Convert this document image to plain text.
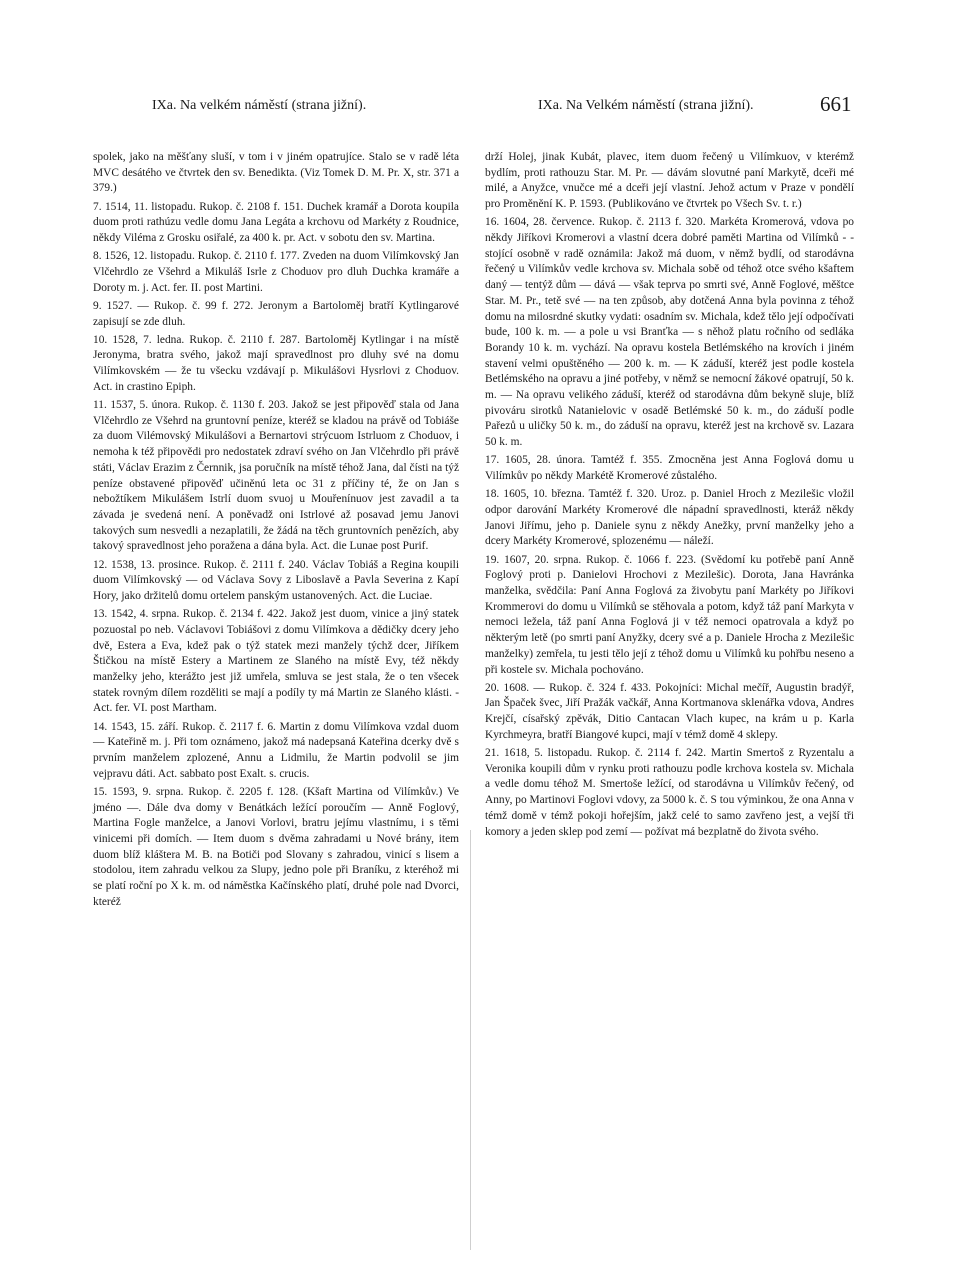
IXa. Na velkém náměstí (strana jižní).	IXa. Na Velkém náměstí (strana jižní).	661

spolek, jako na měšťany sluší, v tom i v jiném opatrujíce. Stalo se v radě léta MVC desátého ve čtvrtek den sv. Benedikta. (Viz Tomek D. M. Pr. X, str. 371 a 379.)

7. 1514, 11. listopadu. Rukop. č. 2108 f. 151. Duchek kramář a Dorota koupila duom proti rathúzu vedle domu Jana Legáta a krchovu od Markéty z Roudnice, někdy Viléma z Grosku osiřalé, za 400 k. pr. Act. v sobotu den sv. Martina.

8. 1526, 12. listopadu. Rukop. č. 2110 f. 177. Zveden na duom Vilímkovský Jan Vlčehrdlo ze Všehrd a Mikuláš Isrle z Choduov pro dluh Duchka kramáře a Doroty m. j. Act. fer. II. post Martini.

9. 1527. — Rukop. č. 99 f. 272. Jeronym a Bartoloměj bratří Kytlingarové zapisují se zde dluh.

10. 1528, 7. ledna. Rukop. č. 2110 f. 287. Bartoloměj Kytlingar i na místě Jeronyma, bratra svého, jakož mají spravedlnost pro dluhy své na domu Vilímkovském — že tu všecku vzdávají p. Mikulášovi Hysrlovi z Choduov. Act. in crastino Epiph.

11. 1537, 5. února. Rukop. č. 1130 f. 203. Jakož se jest připověď stala od Jana Vlčehrdlo ze Všehrd na gruntovní peníze, kteréž se kladou na právě od Tobiáše za duom Vilémovský Mikulášovi a Bernartovi strýcuom Istrluom z Choduov, i nemoha k též připovědi pro nedostatek zdraví svého on Jan Vlčehrdlo při právě státi, Václav Erazim z Černnik, jsa poručník na místě téhož Jana, dal čísti na týž peníze obstavené připověď učiněnú leta oc 31 z příčiny té, že on Jan s nebožtíkem Mikulášem Istrlí duom svuoj u Mouřenínuov jest zavadil a ta závada je svedená není. A poněvadž oni Istrlové až posavad jemu Janovi takových sum nesvedli a nezaplatili, že žádá na těch gruntovních penězích, aby takový spravedlnost jeho poražena a dána byla. Act. die Lunae post Purif.

12. 1538, 13. prosince. Rukop. č. 2111 f. 240. Václav Tobiáš a Regina koupili duom Vilímkovský — od Václava Sovy z Liboslavě a Pavla Severina z Kapí Hory, jako držitelů domu ortelem panským ustanovených. Act. die Luciae.

13. 1542, 4. srpna. Rukop. č. 2134 f. 422. Jakož jest duom, vinice a jiný statek pozuostal po neb. Václavovi Tobiášovi z domu Vilímkova a dědičky dcery jeho dvě, Estera a Eva, kdež pak o týž statek mezi manžely týchž dcer, Jiříkem Štičkou na místě Estery a Martinem ze Slaného na místě Evy, též někdy manželky jeho, kterážto jest již umřela, smluva se jest stala, že o ten všecek statek rovným dílem rozděliti se mají a podíly ty má Martin ze Slaného klásti. - Act. fer. VI. post Martham.

14. 1543, 15. září. Rukop. č. 2117 f. 6. Martin z domu Vilímkova vzdal duom — Kateřině m. j. Při tom oznámeno, jakož má nadepsaná Kateřina dcerky dvě s prvním manželem zplozené, Annu a Lidmilu, že Martin podvolil se jim vejpravu dáti. Act. sabbato post Exalt. s. crucis.

15. 1593, 9. srpna. Rukop. č. 2205 f. 128. (Kšaft Martina od Vilímkův.) Ve jméno —. Dále dva domy v Benátkách ležící poroučím — Anně Foglový, Martina Fogle manželce, a Janovi Vorlovi, bratru jejímu vlastnímu, i s těmi vinicemi při domích. — Item duom s dvěma zahradami u Nové brány, item duom blíž kláštera M. B. na Botiči pod Slovany s zahradou, vinicí s lisem a stodolou, item zahradu velkou za Slupy, jedno pole při Braníku, z kteréhož mi se platí roční po X k. m. od náměstka Kačínského platí, druhé pole nad Dvorci, kteréž

drží Holej, jinak Kubát, plavec, item duom řečený u Vilímkuov, v kterémž bydlím, proti rathouzu Star. M. Pr. — dávám slovutné paní Markytě, dceři mé milé, a Anyžce, vnučce mé a dceři její vlastní. Jehož actum v Praze v pondělí pro Proměnění K. P. 1593. (Publikováno ve čtvrtek po Všech Sv. t. r.)

16. 1604, 28. července. Rukop. č. 2113 f. 320. Markéta Kromerová, vdova po někdy Jiříkovi Kromerovi a vlastní dcera dobré paměti Martina od Vilímků - - stojící osobně v radě oznámila: Jakož má duom, v němž bydlí, od starodávna řečený u Vilímkův vedle krchova sv. Michala sobě od téhož otce svého kšaftem daný — tentýž dům — dává — však teprva po smrti své, Anně Foglové, měštce Star. M. Pr., tetě své — na ten způsob, aby dotčená Anna byla povinna z téhož domu na milosrdné skutky vydati: osadním sv. Michala, kdež tělo její odpočívati bude, 100 k. m. — a pole u vsi Branťka — s něhož platu ročního od sedláka Borandy 10 k. m. vychází. Na opravu kostela Betlémského na krovích i jiném stavení velmi opuštěného — 200 k. m. — K záduší, kteréž jest podle kostela Betlémského na opravu a jiné potřeby, v němž se nemocní žákové opatrují, 50 k. m. — Na opravu velikého záduší, kteréž od starodávna dům bekyně sluje, blíž pivováru sirotků Natanielovic v osadě Betlémské 50 k. m., do záduší podle Pařezů u uličky 50 k. m., do záduší na opravu, kteréž jest na krchově sv. Lazara 50 k. m.

17. 1605, 28. února. Tamtéž f. 355. Zmocněna jest Anna Foglová domu u Vilímkův po někdy Markétě Kromerové zůstalého.

18. 1605, 10. března. Tamtéž f. 320. Uroz. p. Daniel Hroch z Mezilešic vložil odpor darování Markéty Kromerové dle nápadní spravedlnosti, kteráž někdy Janovi Jiřímu, jeho p. Daniele synu z někdy Anežky, první manželky jeho a dcery Markéty Kromerové, splozenému — náleží.

19. 1607, 20. srpna. Rukop. č. 1066 f. 223. (Svědomí ku potřebě paní Anně Foglový proti p. Danielovi Hrochovi z Mezilešic). Dorota, Jana Havránka manželka, svědčila: Paní Anna Foglová za živobytu paní Markéty po Jiříkovi Krommerovi do domu u Vilímků se stěhovala a potom, když táž paní Markyta v nemoci ležela, táž paní Anna Foglová ji v též nemoci opatrovala a když po některým letě (po smrti paní Anyžky, dcery své a p. Daniele Hrocha z Mezilešic manželky) zemřela, tu jesti tělo její z téhož domu u Vilímků ku pohřbu neseno a při kostele sv. Michala pochováno.

20. 1608. — Rukop. č. 324 f. 433. Pokojníci: Michal mečíř, Augustin bradýř, Jan Špaček švec, Jiří Pražák vačkář, Anna Kortmanova sklenářka vdova, Andres Krejčí, císařský zpěvák, Ditio Cantacan Vlach kupec, na krám u p. Karla Kyrchmeyra, bratří Biangové kupci, mají v témž domě 4 sklepy.

21. 1618, 5. listopadu. Rukop. č. 2114 f. 242. Martin Smertoš z Ryzentalu a Veronika koupili dům v rynku proti rathouzu podle krchova kostela sv. Michala a vedle domu téhož M. Smertoše ležící, od starodávna u Vilímkův řečený, od Anny, po Martinovi Foglovi vdovy, za 5000 k. č. S tou výminkou, že ona Anna v témž domě v témž pokoji hořejším, jakž celé to samo zavřeno jest, a vejší tři komory a jeden sklep pod zemí — požívat má bezplatně do života svého.
